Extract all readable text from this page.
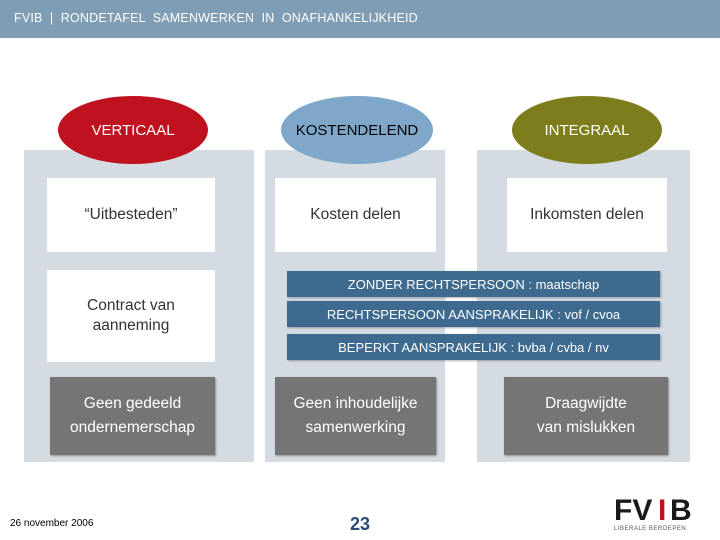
FVIB  |  RONDETAFEL  SAMENWERKEN  IN  ONAFHANKELIJKHEID
VERTICAAL	KOSTENDELEND	INTEGRAAL
“Uitbesteden”	Kosten delen	Inkomsten delen
Contract van
aanneming
ZONDER RECHTSPERSOON : maatschap
RECHTSPERSOON AANSPRAKELIJK : vof / cvoa
BEPERKT AANSPRAKELIJK : bvba / cvba / nv
Geen gedeeld
ondernemerschap
Geen inhoudelijke
samenwerking
Draagwijdte
van mislukken
26 november 2006	23	FV I B
LIBERALE BEROEPEN
